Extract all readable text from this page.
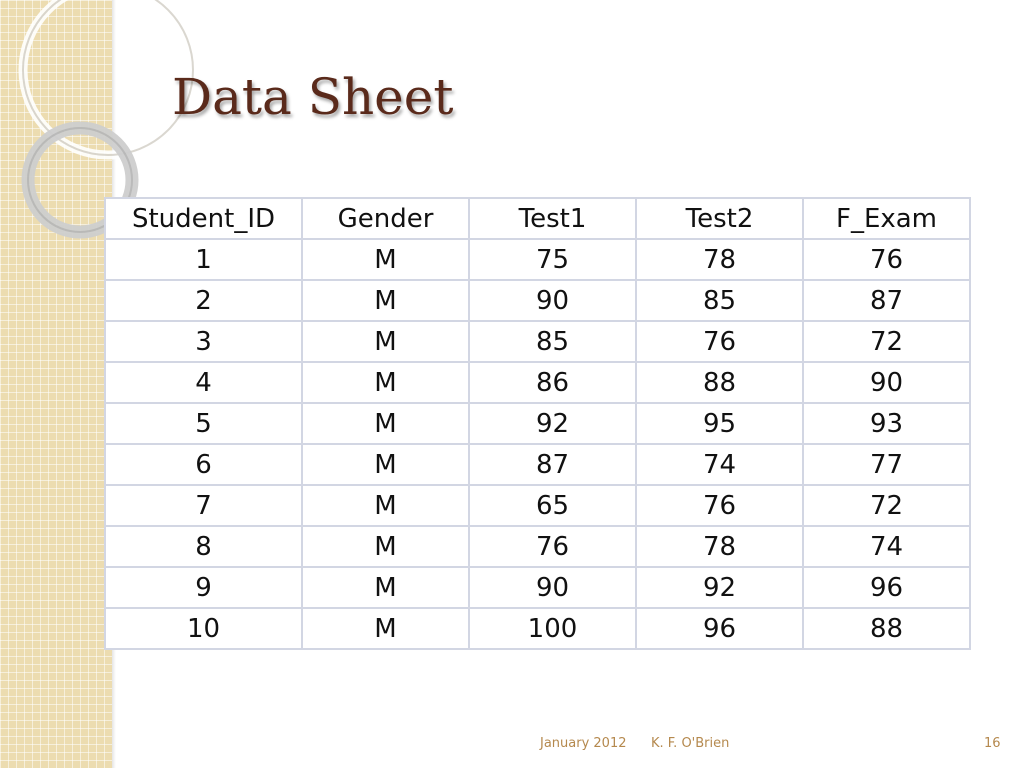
Data Sheet
Student_ID	Gender	Test1	Test2	F_Exam
1	M	75	78	76
2	M	90	85	87
3	M	85	76	72
4	M	86	88	90
5	M	92	95	93
6	M	87	74	77
7	M	65	76	72
8	M	76	78	74
9	M	90	92	96
10	M	100	96	88
January 2012 K. F. O'Brien	16
